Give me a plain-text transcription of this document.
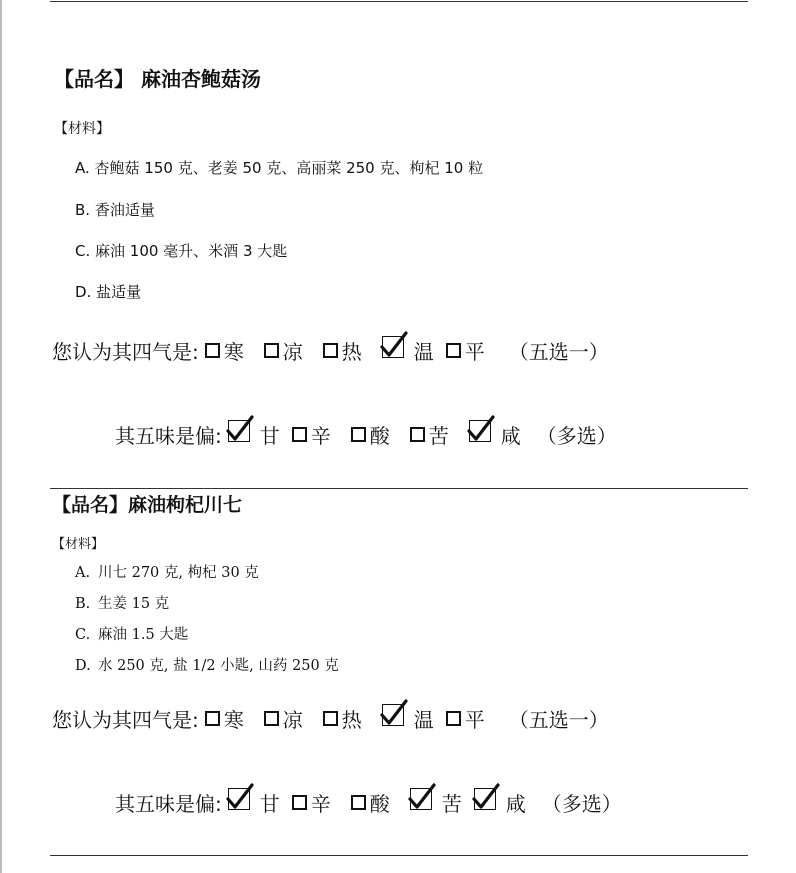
【品名】 麻油杏鲍菇汤
【材料】
A. 杏鲍菇 150 克、老姜 50 克、高丽菜 250 克、枸杞 10 粒
B. 香油适量
C. 麻油 100 毫升、米酒 3 大匙
D. 盐适量
您认为其四气是: 寒 凉 热	温 平 （五选一）
其五味是偏: 甘 辛 酸 苦	咸 （多选）
【品名】麻油枸杞川七
【材料】
A. 川七 270 克, 枸杞 30 克
B. 生姜 15 克
C. 麻油 1.5 大匙
D. 水 250 克, 盐 1/2 小匙, 山药 250 克
您认为其四气是: 寒 凉 热	温 平 （五选一）
其五味是偏: 甘 辛 酸	苦 咸 （多选）
